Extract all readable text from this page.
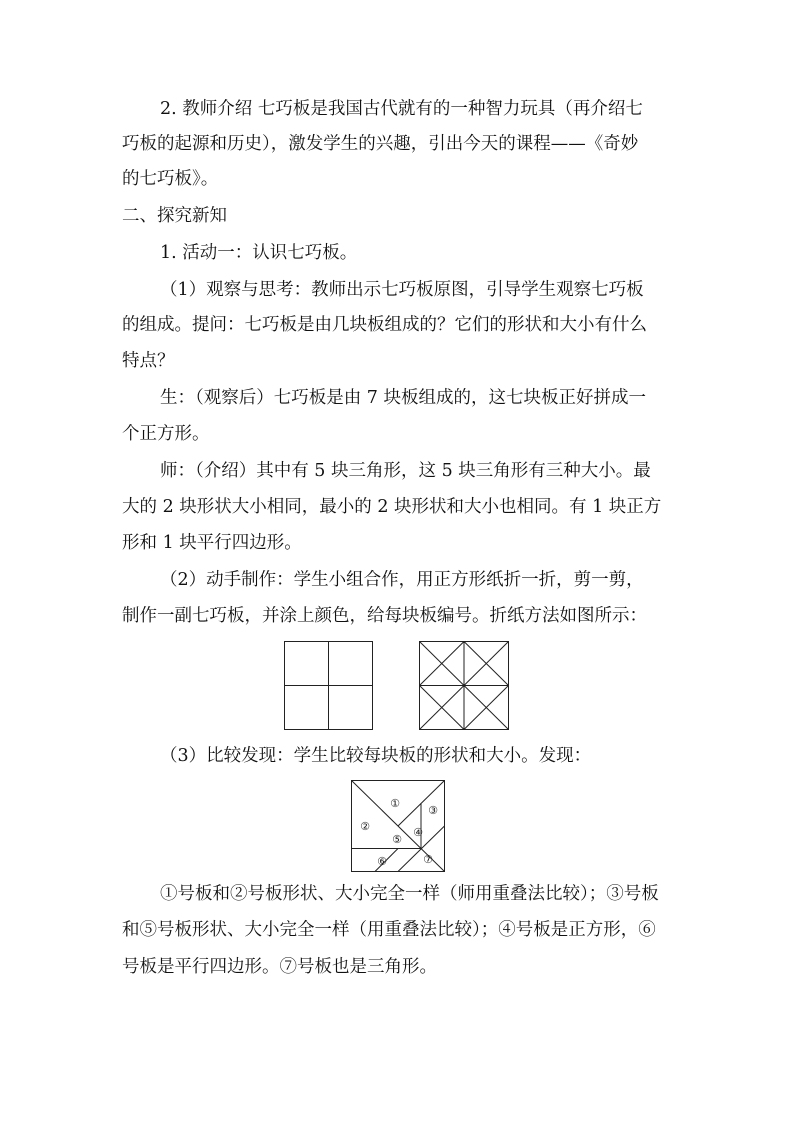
2. 教师介绍 七巧板是我国古代就有的一种智力玩具（再介绍七
巧板的起源和历史），激发学生的兴趣，引出今天的课程——《奇妙
的七巧板》。
二、探究新知
1. 活动一：认识七巧板。
（1）观察与思考：教师出示七巧板原图，引导学生观察七巧板
的组成。提问：七巧板是由几块板组成的？它们的形状和大小有什么
特点？
生：（观察后）七巧板是由 7 块板组成的，这七块板正好拼成一
个正方形。
师：（介绍）其中有 5 块三角形，这 5 块三角形有三种大小。最
大的 2 块形状大小相同，最小的 2 块形状和大小也相同。有 1 块正方
形和 1 块平行四边形。
（2）动手制作：学生小组合作，用正方形纸折一折，剪一剪，
制作一副七巧板，并涂上颜色，给每块板编号。折纸方法如图所示：
（3）比较发现：学生比较每块板的形状和大小。发现：
①
②
③
④
⑤
⑥	⑦
①号板和②号板形状、大小完全一样（师用重叠法比较）；③号板
和⑤号板形状、大小完全一样（用重叠法比较）；④号板是正方形，⑥
号板是平行四边形。⑦号板也是三角形。
